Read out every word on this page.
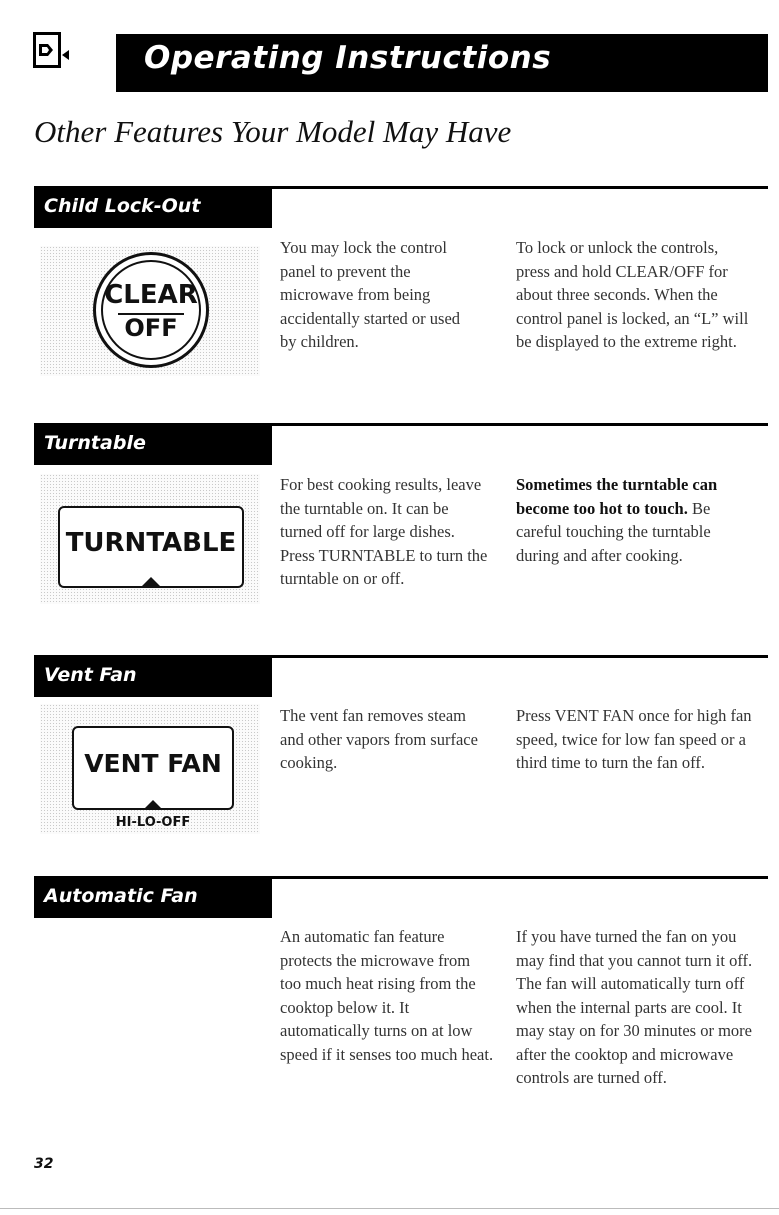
Operating Instructions
Other Features Your Model May Have
Child Lock-Out
CLEAR
OFF
You may lock the control panel to prevent the microwave from being accidentally started or used by children.
To lock or unlock the controls, press and hold CLEAR/OFF for about three seconds. When the control panel is locked, an “L” will be displayed to the extreme right.
Turntable
TURNTABLE
For best cooking results, leave the turntable on. It can be turned off for large dishes. Press TURNTABLE to turn the turntable on or off.
Sometimes the turntable can become too hot to touch. Be careful touching the turntable during and after cooking.
Vent Fan
VENT FAN
HI-LO-OFF
The vent fan removes steam and other vapors from surface cooking.
Press VENT FAN once for high fan speed, twice for low fan speed or a third time to turn the fan off.
Automatic Fan
An automatic fan feature protects the microwave from too much heat rising from the cooktop below it. It automatically turns on at low speed if it senses too much heat.
If you have turned the fan on you may find that you cannot turn it off. The fan will automatically turn off when the internal parts are cool. It may stay on for 30 minutes or more after the cooktop and microwave controls are turned off.
32
